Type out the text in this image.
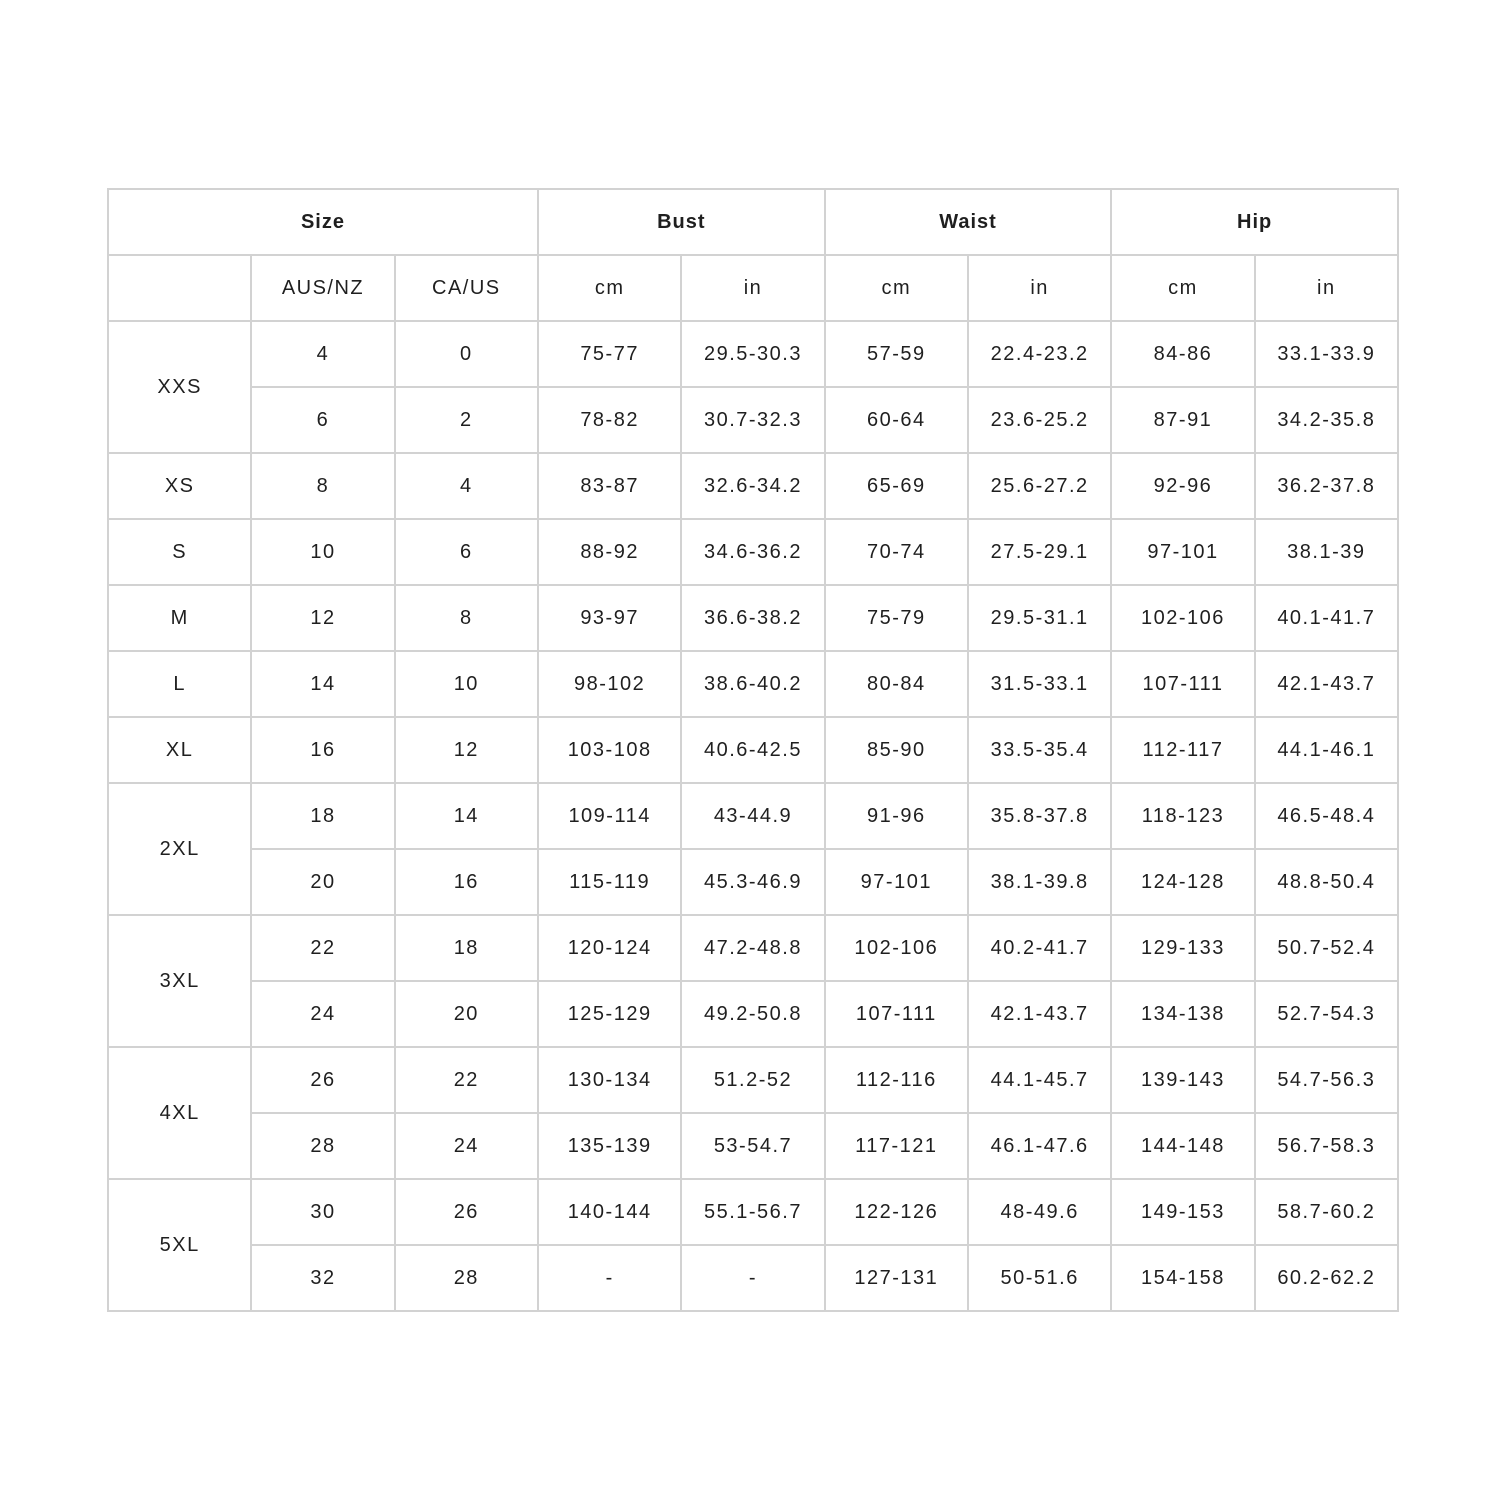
Size			Bust		Waist		Hip	
	AUS/NZ	CA/US	cm	in	cm	in	cm	in
XXS	4	0	75-77	29.5-30.3	57-59	22.4-23.2	84-86	33.1-33.9
	6	2	78-82	30.7-32.3	60-64	23.6-25.2	87-91	34.2-35.8
XS	8	4	83-87	32.6-34.2	65-69	25.6-27.2	92-96	36.2-37.8
S	10	6	88-92	34.6-36.2	70-74	27.5-29.1	97-101	38.1-39
M	12	8	93-97	36.6-38.2	75-79	29.5-31.1	102-106	40.1-41.7
L	14	10	98-102	38.6-40.2	80-84	31.5-33.1	107-111	42.1-43.7
XL	16	12	103-108	40.6-42.5	85-90	33.5-35.4	112-117	44.1-46.1
2XL	18	14	109-114	43-44.9	91-96	35.8-37.8	118-123	46.5-48.4
	20	16	115-119	45.3-46.9	97-101	38.1-39.8	124-128	48.8-50.4
3XL	22	18	120-124	47.2-48.8	102-106	40.2-41.7	129-133	50.7-52.4
	24	20	125-129	49.2-50.8	107-111	42.1-43.7	134-138	52.7-54.3
4XL	26	22	130-134	51.2-52	112-116	44.1-45.7	139-143	54.7-56.3
	28	24	135-139	53-54.7	117-121	46.1-47.6	144-148	56.7-58.3
5XL	30	26	140-144	55.1-56.7	122-126	48-49.6	149-153	58.7-60.2
	32	28	-	-	127-131	50-51.6	154-158	60.2-62.2
